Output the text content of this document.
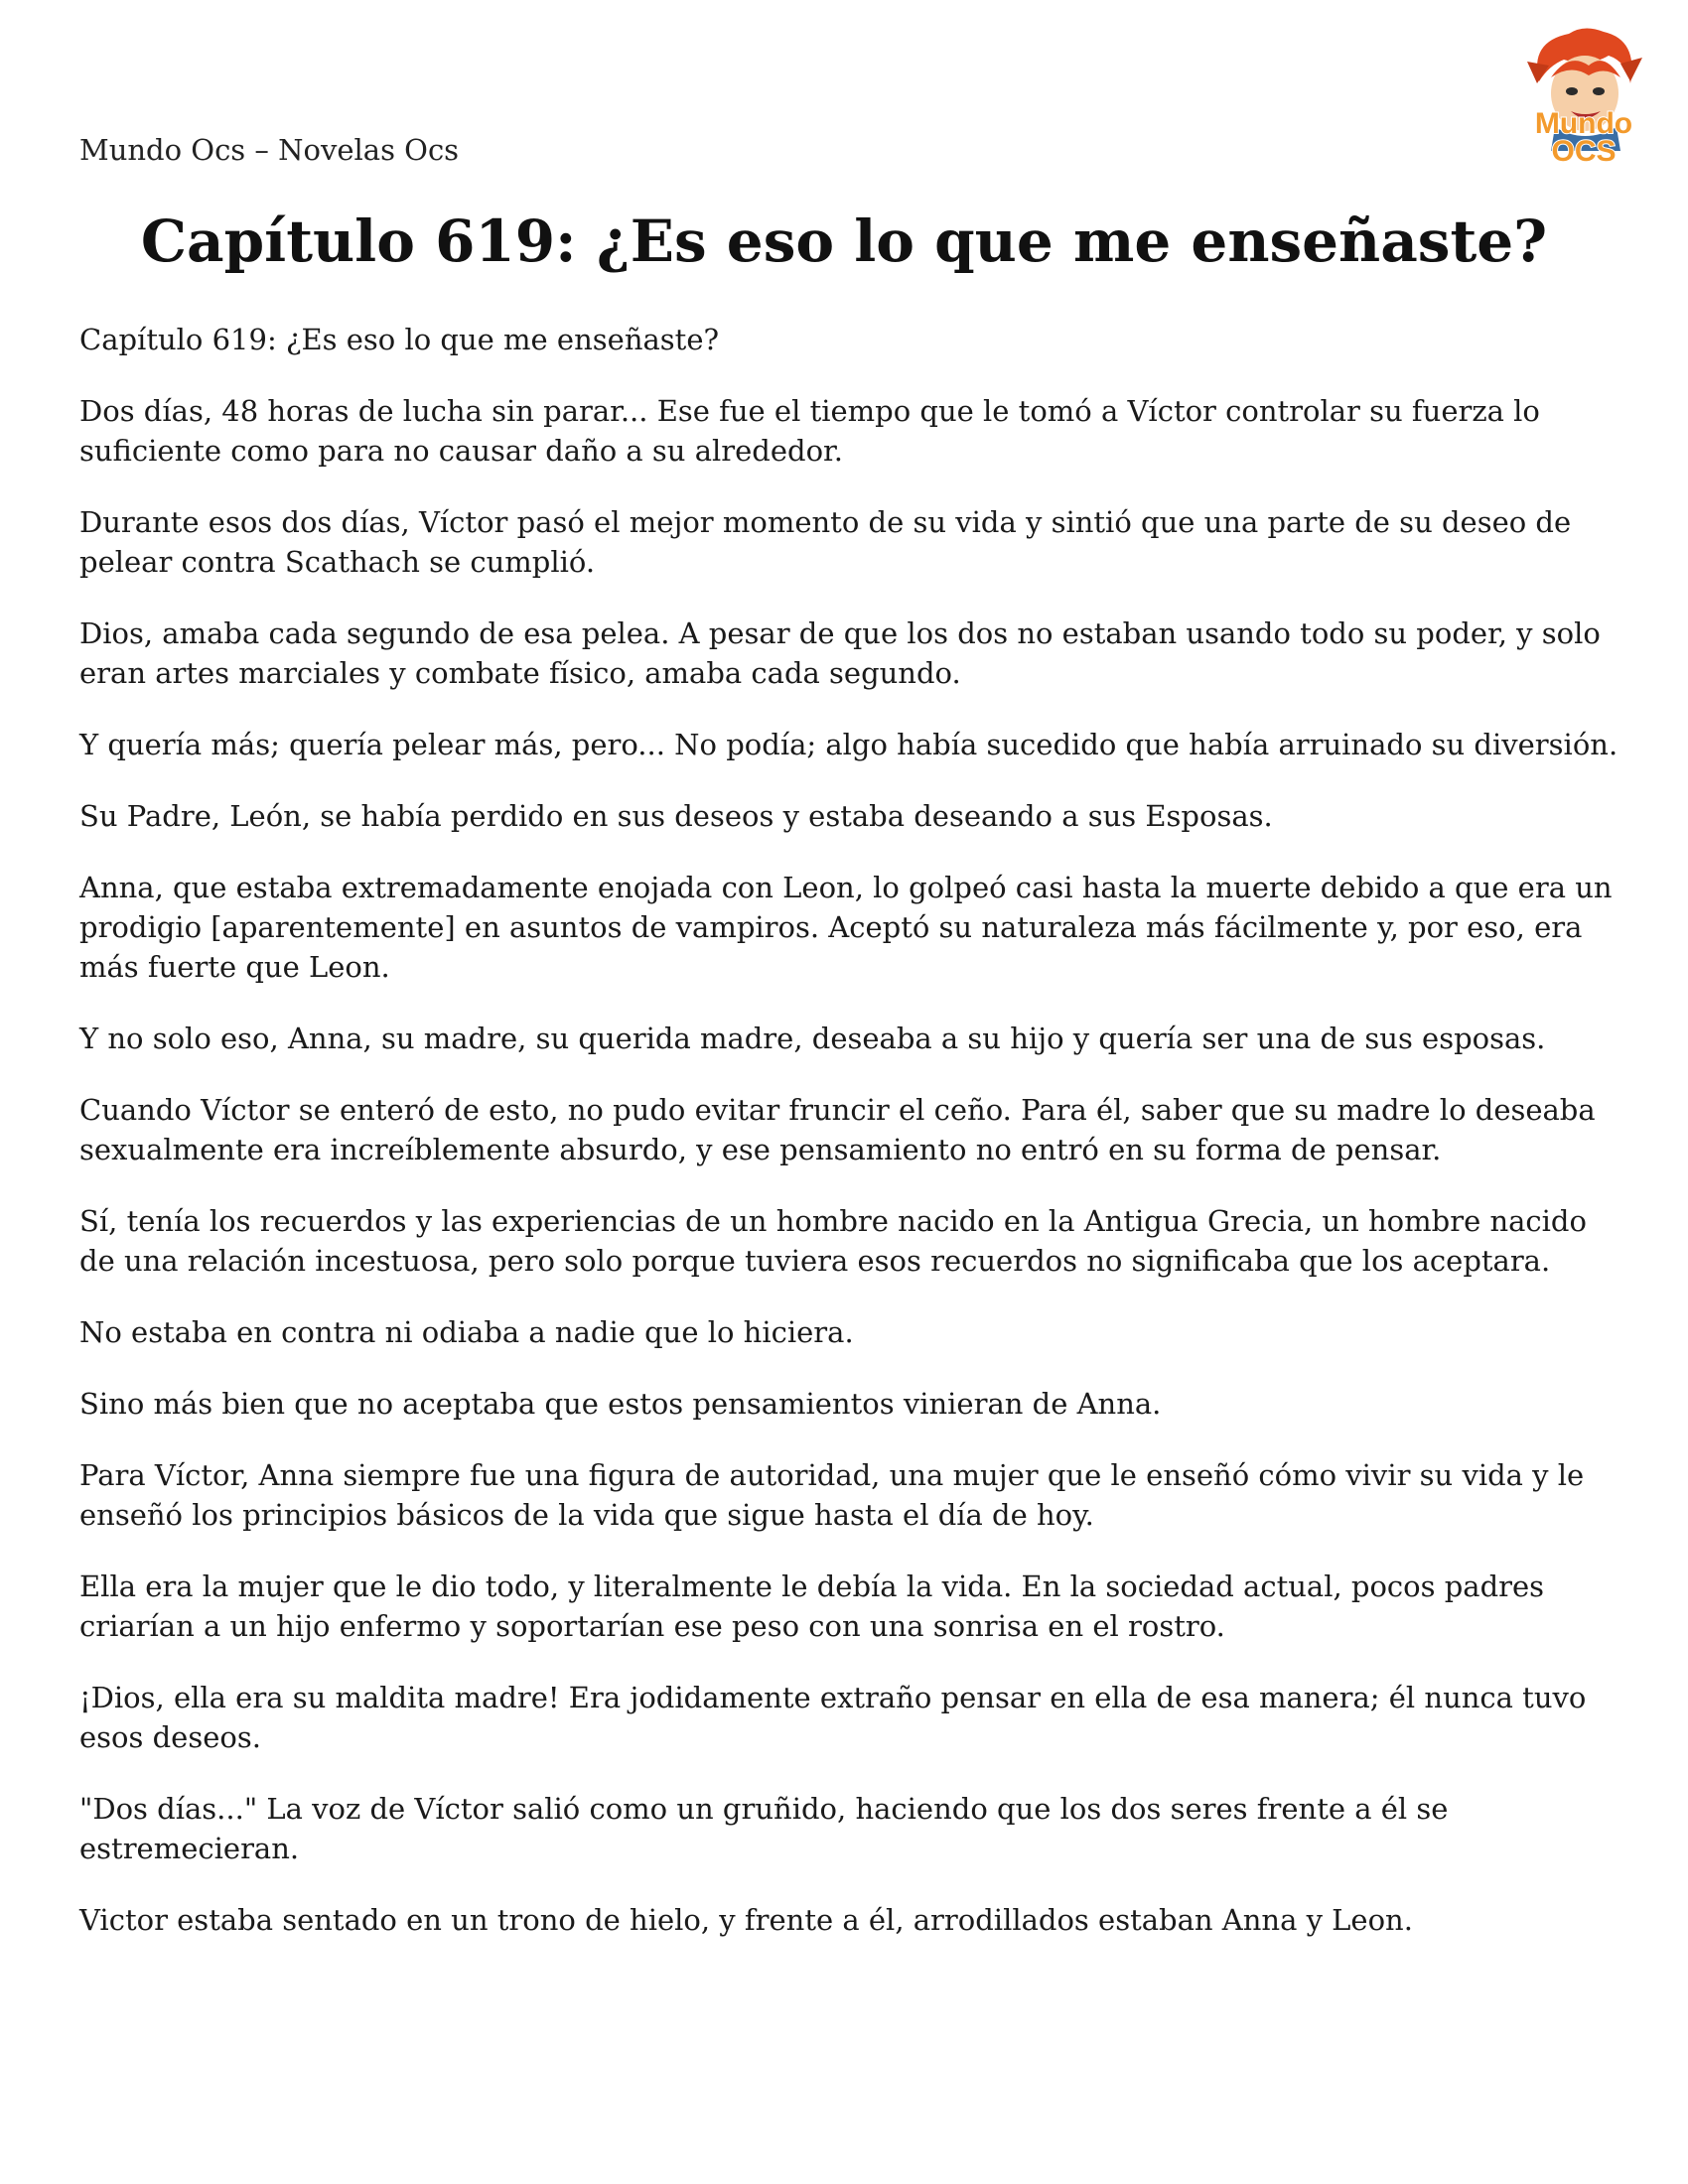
Mundo Ocs – Novelas Ocs
Mundo
OCS
Capítulo 619: ¿Es eso lo que me enseñaste?

Capítulo 619: ¿Es eso lo que me enseñaste?

Dos días, 48 horas de lucha sin parar... Ese fue el tiempo que le tomó a Víctor controlar su fuerza lo suficiente como para no causar daño a su alrededor.

Durante esos dos días, Víctor pasó el mejor momento de su vida y sintió que una parte de su deseo de pelear contra Scathach se cumplió.

Dios, amaba cada segundo de esa pelea. A pesar de que los dos no estaban usando todo su poder, y solo eran artes marciales y combate físico, amaba cada segundo.

Y quería más; quería pelear más, pero... No podía; algo había sucedido que había arruinado su diversión.

Su Padre, León, se había perdido en sus deseos y estaba deseando a sus Esposas.

Anna, que estaba extremadamente enojada con Leon, lo golpeó casi hasta la muerte debido a que era un prodigio [aparentemente] en asuntos de vampiros. Aceptó su naturaleza más fácilmente y, por eso, era más fuerte que Leon.

Y no solo eso, Anna, su madre, su querida madre, deseaba a su hijo y quería ser una de sus esposas.

Cuando Víctor se enteró de esto, no pudo evitar fruncir el ceño. Para él, saber que su madre lo deseaba sexualmente era increíblemente absurdo, y ese pensamiento no entró en su forma de pensar.

Sí, tenía los recuerdos y las experiencias de un hombre nacido en la Antigua Grecia, un hombre nacido de una relación incestuosa, pero solo porque tuviera esos recuerdos no significaba que los aceptara.

No estaba en contra ni odiaba a nadie que lo hiciera.

Sino más bien que no aceptaba que estos pensamientos vinieran de Anna.

Para Víctor, Anna siempre fue una figura de autoridad, una mujer que le enseñó cómo vivir su vida y le enseñó los principios básicos de la vida que sigue hasta el día de hoy.

Ella era la mujer que le dio todo, y literalmente le debía la vida. En la sociedad actual, pocos padres criarían a un hijo enfermo y soportarían ese peso con una sonrisa en el rostro.

¡Dios, ella era su maldita madre! Era jodidamente extraño pensar en ella de esa manera; él nunca tuvo esos deseos.

"Dos días..." La voz de Víctor salió como un gruñido, haciendo que los dos seres frente a él se estremecieran.

Victor estaba sentado en un trono de hielo, y frente a él, arrodillados estaban Anna y Leon.
